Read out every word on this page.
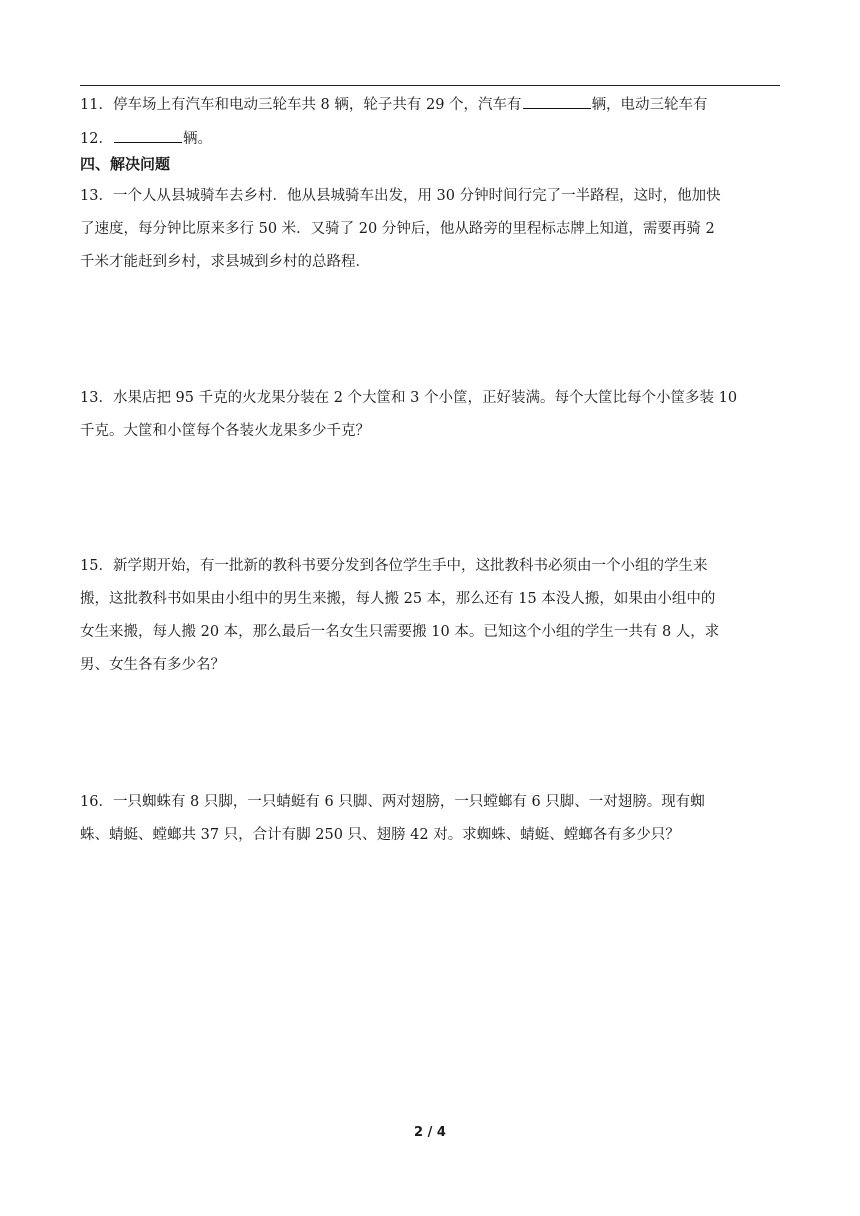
11．停车场上有汽车和电动三轮车共 8 辆，轮子共有 29 个，汽车有	辆，电动三轮车有
12．	辆。
四、解决问题
13．一个人从县城骑车去乡村．他从县城骑车出发，用 30 分钟时间行完了一半路程，这时，他加快
了速度，每分钟比原来多行 50 米．又骑了 20 分钟后，他从路旁的里程标志牌上知道，需要再骑 2
千米才能赶到乡村，求县城到乡村的总路程．
13．水果店把 95 千克的火龙果分装在 2 个大筐和 3 个小筐，正好装满。每个大筐比每个小筐多装 10
千克。大筐和小筐每个各装火龙果多少千克？
15．新学期开始，有一批新的教科书要分发到各位学生手中，这批教科书必须由一个小组的学生来
搬，这批教科书如果由小组中的男生来搬，每人搬 25 本，那么还有 15 本没人搬，如果由小组中的
女生来搬，每人搬 20 本，那么最后一名女生只需要搬 10 本。已知这个小组的学生一共有 8 人，求
男、女生各有多少名？
16．一只蜘蛛有 8 只脚，一只蜻蜓有 6 只脚、两对翅膀，一只螳螂有 6 只脚、一对翅膀。现有蜘
蛛、蜻蜓、螳螂共 37 只，合计有脚 250 只、翅膀 42 对。求蜘蛛、蜻蜓、螳螂各有多少只？
2 / 4
